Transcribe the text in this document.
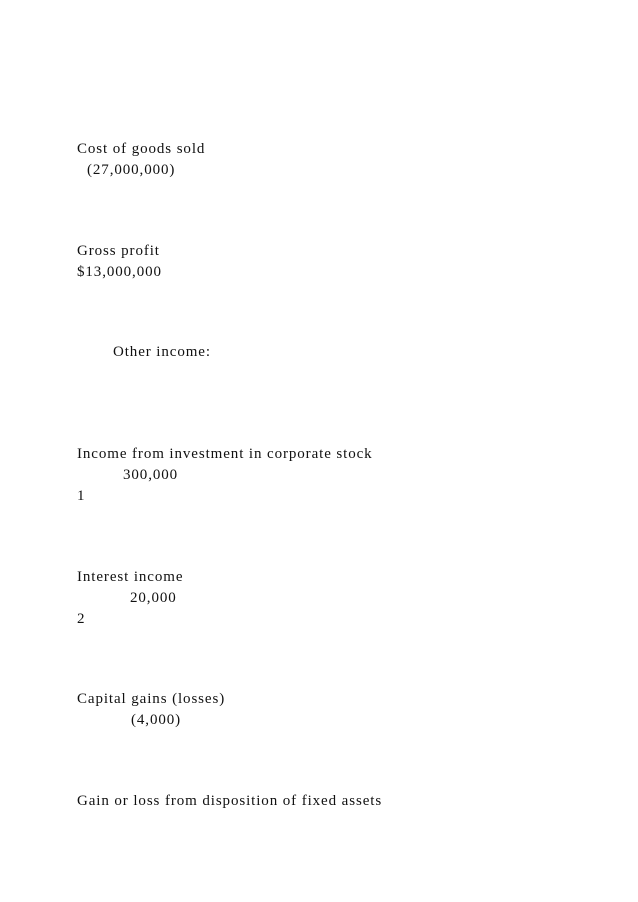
Cost of goods sold
(27,000,000)
Gross profit
$13,000,000
Other income:
Income from investment in corporate stock
300,000
1
Interest income
20,000
2
Capital gains (losses)
(4,000)
Gain or loss from disposition of fixed assets
